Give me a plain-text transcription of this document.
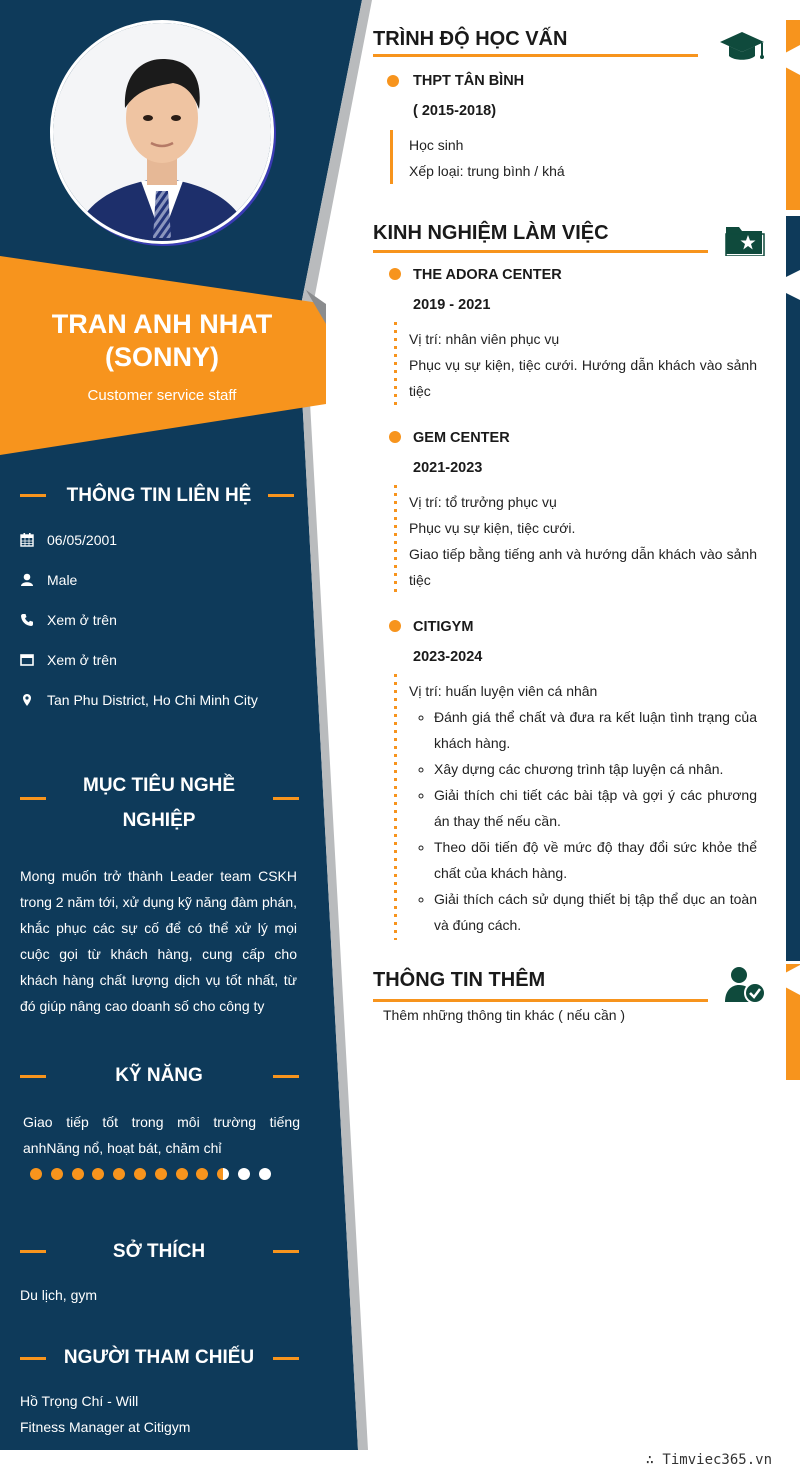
TRAN ANH NHAT (SONNY)
Customer service staff
THÔNG TIN LIÊN HỆ
06/05/2001
Male
Xem ở trên
Xem ở trên
Tan Phu District, Ho Chi Minh City
MỤC TIÊU NGHỀ NGHIỆP
Mong muốn trở thành Leader team CSKH trong 2 năm tới, xử dụng kỹ năng đàm phán, khắc phục các sự cố để có thể xử lý mọi cuộc gọi từ khách hàng, cung cấp cho khách hàng chất lượng dịch vụ tốt nhất, từ đó giúp nâng cao doanh số cho công ty
KỸ NĂNG
Giao tiếp tốt trong môi trường tiếng anhNăng nổ, hoạt bát, chăm chỉ
SỞ THÍCH
Du lịch, gym
NGƯỜI THAM CHIẾU
Hồ Trọng Chí - Will
Fitness Manager at Citigym
TRÌNH ĐỘ HỌC VẤN
THPT TÂN BÌNH
( 2015-2018)
Học sinh
Xếp loại: trung bình / khá
KINH NGHIỆM LÀM VIỆC
THE ADORA CENTER
2019 - 2021
Vị trí: nhân viên phục vụ
Phục vụ sự kiện, tiệc cưới. Hướng dẫn khách vào sảnh tiệc
GEM CENTER
2021-2023
Vị trí: tổ trưởng phục vụ
Phục vụ sự kiện, tiệc cưới.
Giao tiếp bằng tiếng anh và hướng dẫn khách vào sảnh tiệc
CITIGYM
2023-2024
Vị trí: huấn luyện viên cá nhân
◦ Đánh giá thể chất và đưa ra kết luận tình trạng của khách hàng.
◦ Xây dựng các chương trình tập luyện cá nhân.
◦ Giải thích chi tiết các bài tập và gợi ý các phương án thay thế nếu cần.
◦ Theo dõi tiến độ về mức độ thay đổi sức khỏe thể chất của khách hàng.
◦ Giải thích cách sử dụng thiết bị tập thể dục an toàn và đúng cách.
THÔNG TIN THÊM
Thêm những thông tin khác ( nếu cần )
∴ Timviec365.vn
